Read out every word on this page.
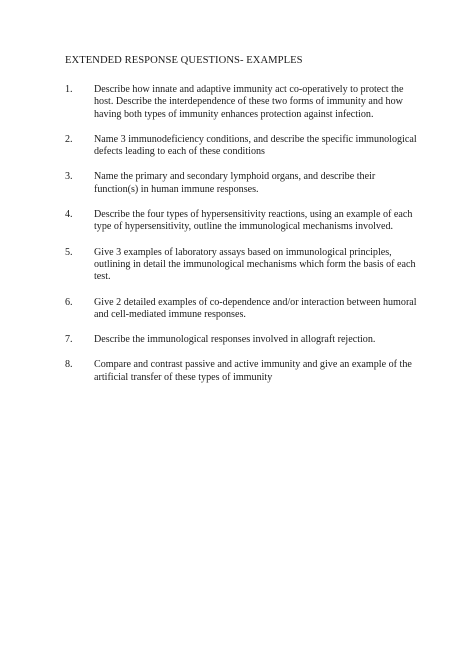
EXTENDED RESPONSE QUESTIONS- EXAMPLES
1.	Describe how innate and adaptive immunity act co-operatively to protect the
host. Describe the interdependence of these two forms of immunity and how
having both types of immunity enhances protection against infection.
2.	Name 3 immunodeficiency conditions, and describe the specific immunological
defects leading to each of these conditions
3.	Name the primary and secondary lymphoid organs, and describe their
function(s) in human immune responses.
4.	Describe the four types of hypersensitivity reactions, using an example of each
type of hypersensitivity, outline the immunological mechanisms involved.
5.	Give 3 examples of laboratory assays based on immunological principles,
outlining in detail the immunological mechanisms which form the basis of each
test.
6.	Give 2 detailed examples of co-dependence and/or interaction between humoral
and cell-mediated immune responses.
7.	Describe the immunological responses involved in allograft rejection.
8.	Compare and contrast passive and active immunity and give an example of the
artificial transfer of these types of immunity
